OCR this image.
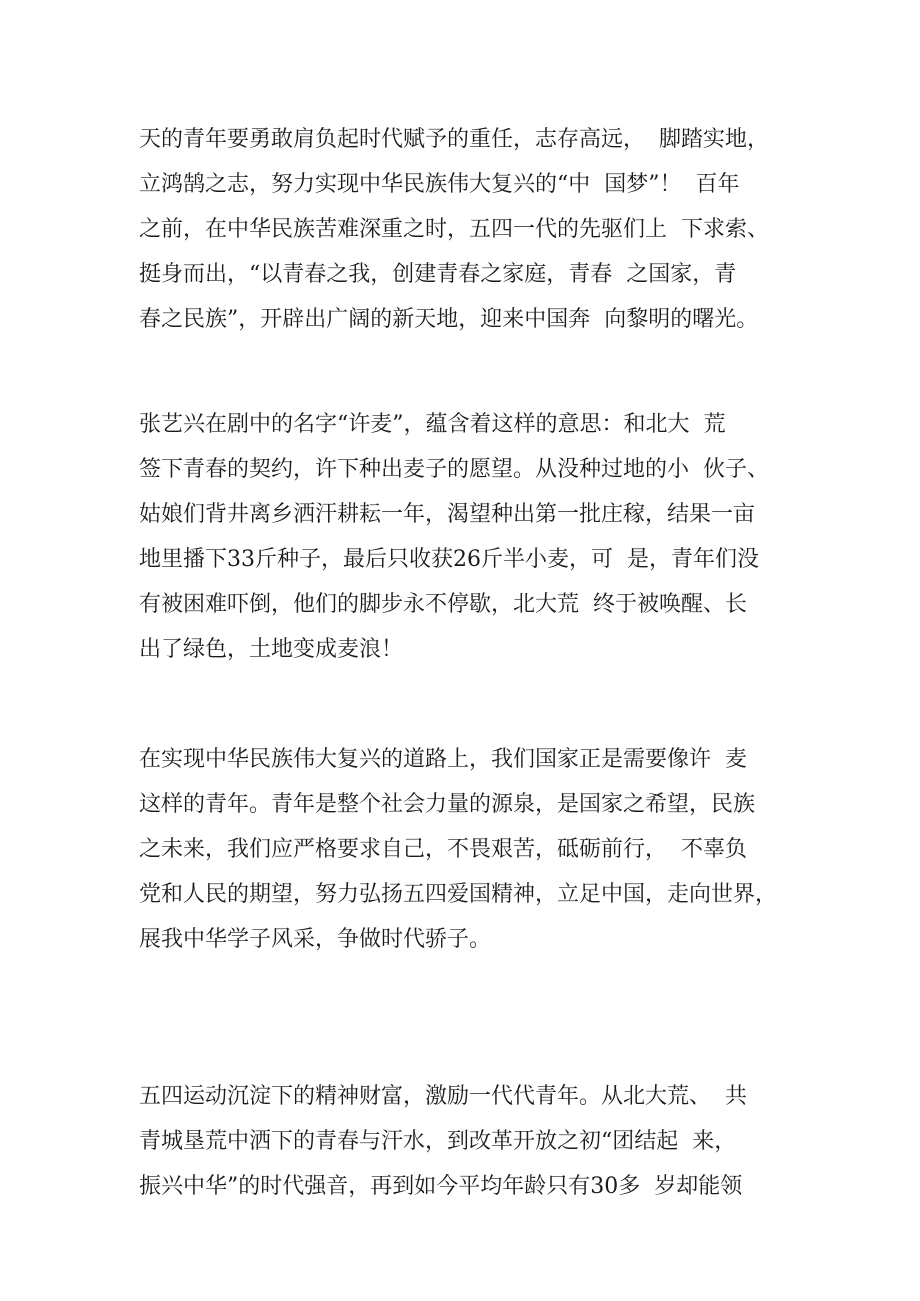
天的青年要勇敢肩负起时代赋予的重任，志存高远，  脚踏实地，
立鸿鹄之志，努力实现中华民族伟大复兴的“中  国梦”！  百年
之前，在中华民族苦难深重之时，五四一代的先驱们上  下求索、
挺身而出，“以青春之我，创建青春之家庭，青春  之国家，青
春之民族”，开辟出广阔的新天地，迎来中国奔  向黎明的曙光。
张艺兴在剧中的名字“许麦”，蕴含着这样的意思：和北大  荒
签下青春的契约，许下种出麦子的愿望。从没种过地的小  伙子、
姑娘们背井离乡洒汗耕耘一年，渴望种出第一批庄稼，结果一亩
地里播下33斤种子，最后只收获26斤半小麦，可  是，青年们没
有被困难吓倒，他们的脚步永不停歇，北大荒  终于被唤醒、长
出了绿色，土地变成麦浪！
在实现中华民族伟大复兴的道路上，我们国家正是需要像许  麦
这样的青年。青年是整个社会力量的源泉，是国家之希望，民族
之未来，我们应严格要求自己，不畏艰苦，砥砺前行，  不辜负
党和人民的期望，努力弘扬五四爱国精神，立足中国，走向世界，
展我中华学子风采，争做时代骄子。
五四运动沉淀下的精神财富，激励一代代青年。从北大荒、  共
青城垦荒中洒下的青春与汗水，到改革开放之初“团结起  来，
振兴中华”的时代强音，再到如今平均年龄只有30多  岁却能领
